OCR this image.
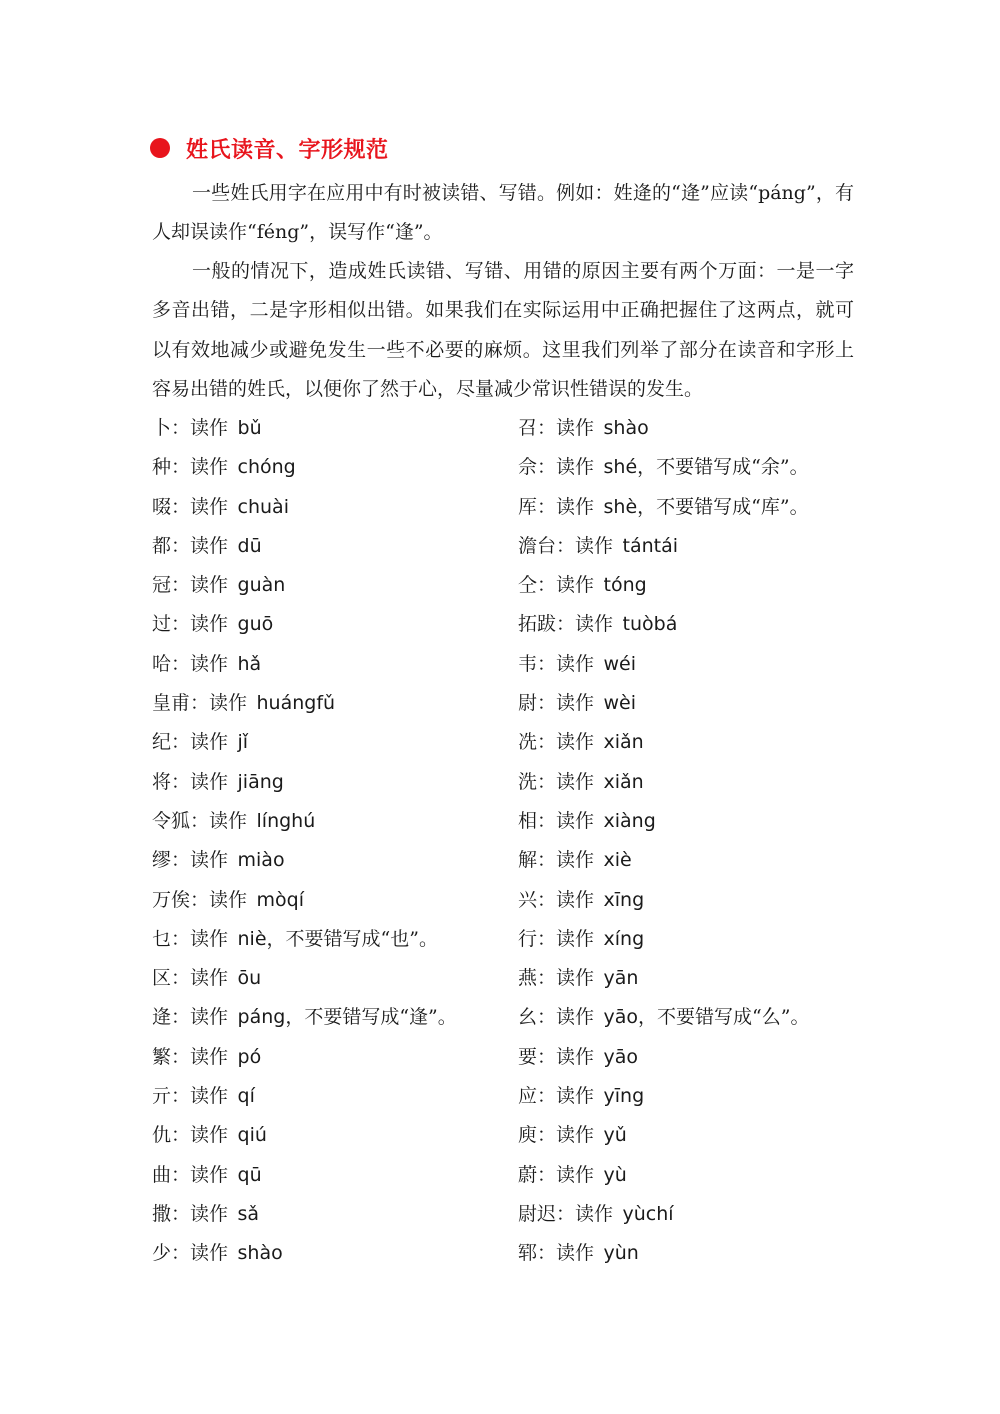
姓氏读音、字形规范

一些姓氏用字在应用中有时被读错、写错。例如：姓逄的“逄”应读“páng”，有人却误读作“féng”，误写作“逢”。

一般的情况下，造成姓氏读错、写错、用错的原因主要有两个万面：一是一字多音出错，二是字形相似出错。如果我们在实际运用中正确把握住了这两点，就可以有效地减少或避免发生一些不必要的麻烦。这里我们列举了部分在读音和字形上容易出错的姓氏，以便你了然于心，尽量减少常识性错误的发生。

卜：读作  bǔ
种：读作  chóng
啜：读作  chuài
都：读作  dū
冠：读作  guàn
过：读作  guō
哈：读作  hǎ
皇甫：读作  huángfǔ
纪：读作  jǐ
将：读作  jiāng
令狐：读作  línghú
缪：读作  miào
万俟：读作  mòqí
乜：读作  niè，不要错写成“也”。
区：读作  ōu
逄：读作  páng，不要错写成“逢”。
繁：读作  pó
亓：读作  qí
仇：读作  qiú
曲：读作  qū
撒：读作  sǎ
少：读作  shào
召：读作  shào
佘：读作  shé，不要错写成“余”。
厍：读作  shè，不要错写成“库”。
澹台：读作  tántái
仝：读作  tóng
拓跋：读作  tuòbá
韦：读作  wéi
尉：读作  wèi
冼：读作  xiǎn
洗：读作  xiǎn
相：读作  xiàng
解：读作  xiè
兴：读作  xīng
行：读作  xíng
燕：读作  yān
幺：读作  yāo，不要错写成“么”。
要：读作  yāo
应：读作  yīng
庾：读作  yǔ
蔚：读作  yù
尉迟：读作  yùchí
郓：读作  yùn
